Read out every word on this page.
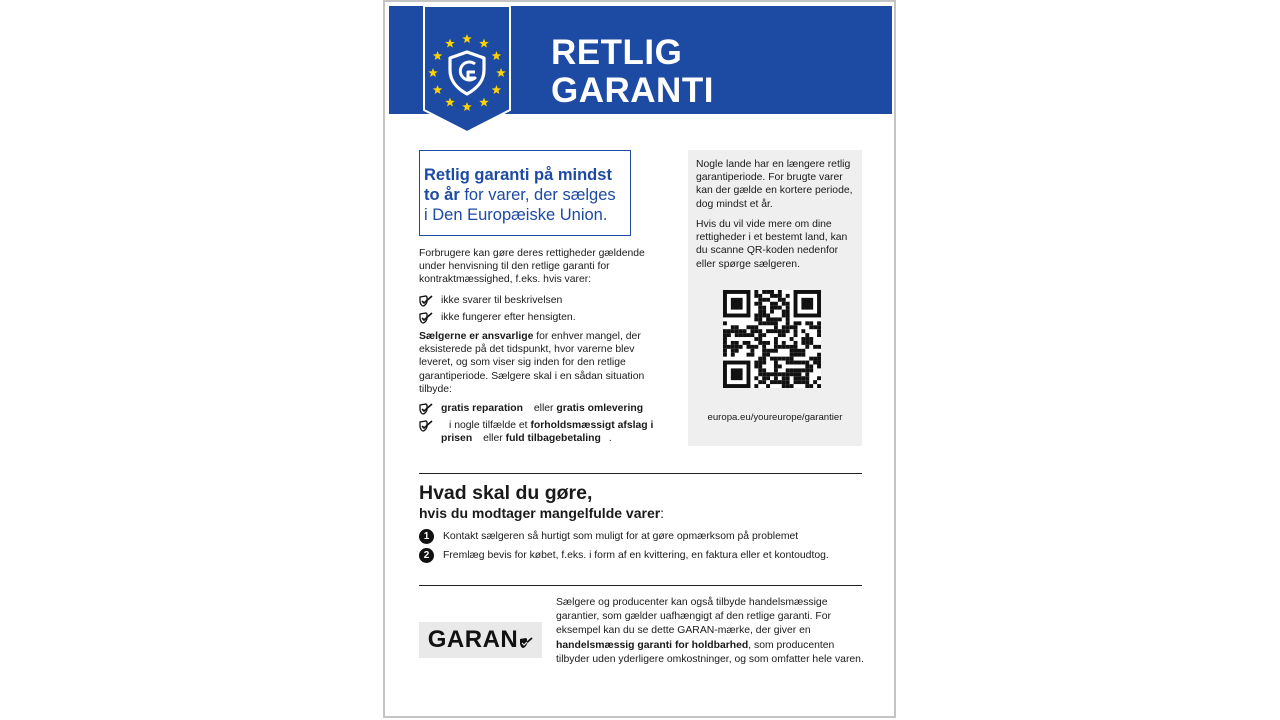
RETLIG
GARANTI
Retlig garanti på mindst
to år for varer, der sælges
i Den Europæiske Union.
Forbrugere kan gøre deres rettigheder gældende under henvisning til den retlige garanti for kontraktmæssighed, f.eks. hvis varer:
ikke svarer til beskrivelsen
ikke fungerer efter hensigten.
Sælgerne er ansvarlige for enhver mangel, der eksisterede på det tidspunkt, hvor varerne blev leveret, og som viser sig inden for den retlige garantiperiode. Sælgere skal i en sådan situation tilbyde:
gratis reparation eller gratis omlevering
i nogle tilfælde et forholdsmæssigt afslag i prisen eller fuld tilbagebetaling .
Nogle lande har en længere retlig garantiperiode. For brugte varer kan der gælde en kortere periode, dog mindst et år.
Hvis du vil vide mere om dine rettigheder i et bestemt land, kan du scanne QR-koden nedenfor eller spørge sælgeren.
europa.eu/youreurope/garantier
Hvad skal du gøre,
hvis du modtager mangelfulde varer:
1	Kontakt sælgeren så hurtigt som muligt for at gøre opmærksom på problemet
2	Fremlæg bevis for købet, f.eks. i form af en kvittering, en faktura eller et kontoudtog.
GARAN
Sælgere og producenter kan også tilbyde handelsmæssige garantier, som gælder uafhængigt af den retlige garanti. For eksempel kan du se dette GARAN-mærke, der giver en handelsmæssig garanti for holdbarhed, som producenten tilbyder uden yderligere omkostninger, og som omfatter hele varen.
